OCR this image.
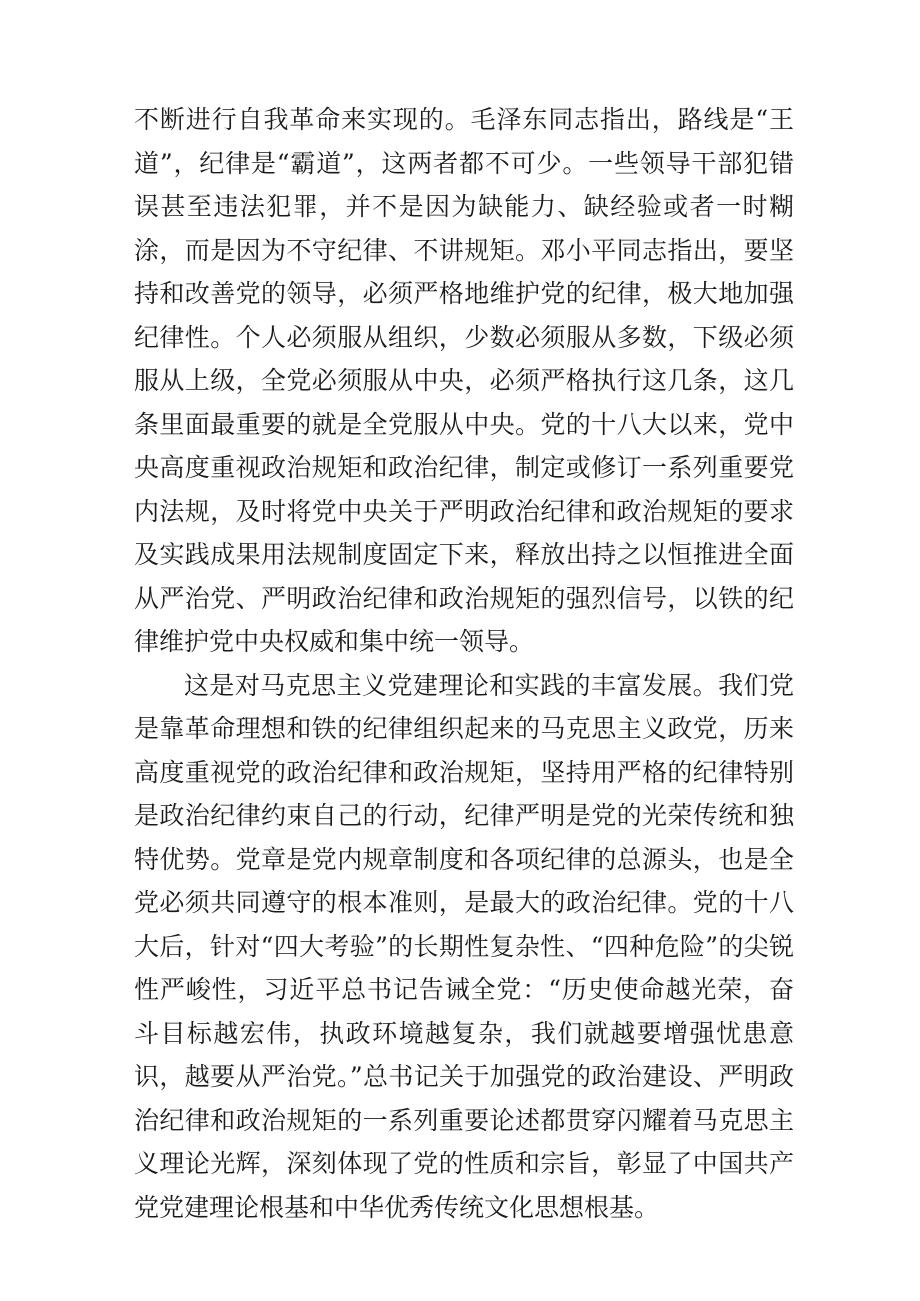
不断进行自我革命来实现的。毛泽东同志指出，路线是“王道”，纪律是“霸道”，这两者都不可少。一些领导干部犯错误甚至违法犯罪，并不是因为缺能力、缺经验或者一时糊涂，而是因为不守纪律、不讲规矩。邓小平同志指出，要坚持和改善党的领导，必须严格地维护党的纪律，极大地加强纪律性。个人必须服从组织，少数必须服从多数，下级必须服从上级，全党必须服从中央，必须严格执行这几条，这几条里面最重要的就是全党服从中央。党的十八大以来，党中央高度重视政治规矩和政治纪律，制定或修订一系列重要党内法规，及时将党中央关于严明政治纪律和政治规矩的要求及实践成果用法规制度固定下来，释放出持之以恒推进全面从严治党、严明政治纪律和政治规矩的强烈信号，以铁的纪律维护党中央权威和集中统一领导。

这是对马克思主义党建理论和实践的丰富发展。我们党是靠革命理想和铁的纪律组织起来的马克思主义政党，历来高度重视党的政治纪律和政治规矩，坚持用严格的纪律特别是政治纪律约束自己的行动，纪律严明是党的光荣传统和独特优势。党章是党内规章制度和各项纪律的总源头，也是全党必须共同遵守的根本准则，是最大的政治纪律。党的十八大后，针对“四大考验”的长期性复杂性、“四种危险”的尖锐性严峻性，习近平总书记告诫全党：“历史使命越光荣，奋斗目标越宏伟，执政环境越复杂，我们就越要增强忧患意识，越要从严治党。”总书记关于加强党的政治建设、严明政治纪律和政治规矩的一系列重要论述都贯穿闪耀着马克思主义理论光辉，深刻体现了党的性质和宗旨，彰显了中国共产党党建理论根基和中华优秀传统文化思想根基。
